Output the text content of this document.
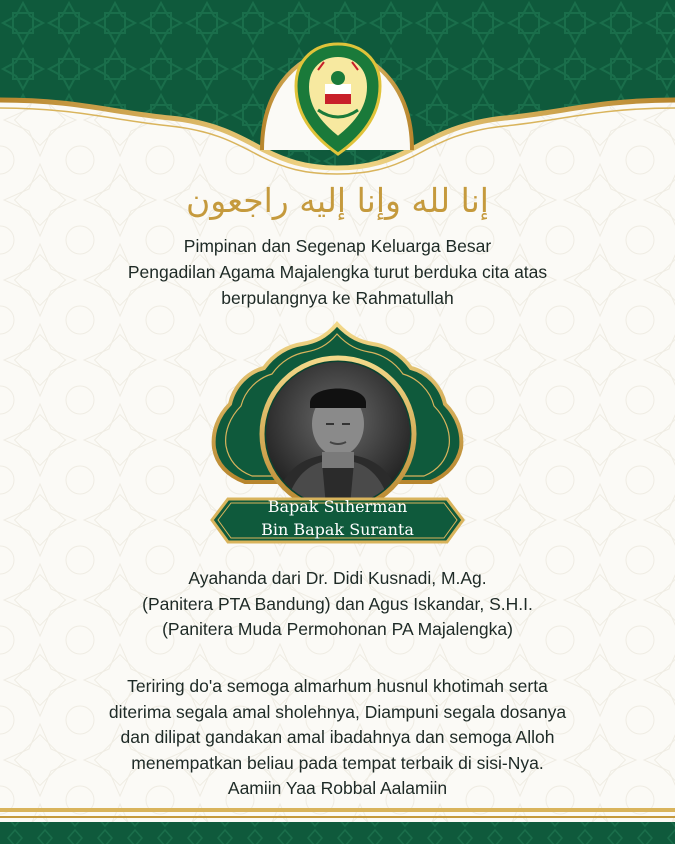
إنا لله وإنا إليه راجعون
Pimpinan dan Segenap Keluarga Besar
Pengadilan Agama Majalengka turut berduka cita atas
berpulangnya ke Rahmatullah
Bapak Suherman
Bin Bapak Suranta
Ayahanda dari Dr. Didi Kusnadi, M.Ag.
(Panitera PTA Bandung) dan Agus Iskandar, S.H.I.
(Panitera Muda Permohonan PA Majalengka)
Teriring do'a semoga almarhum husnul khotimah serta
diterima segala amal sholehnya, Diampuni segala dosanya
dan dilipat gandakan amal ibadahnya dan semoga Alloh
menempatkan beliau pada tempat terbaik di sisi-Nya.
Aamiin Yaa Robbal Aalamiin
